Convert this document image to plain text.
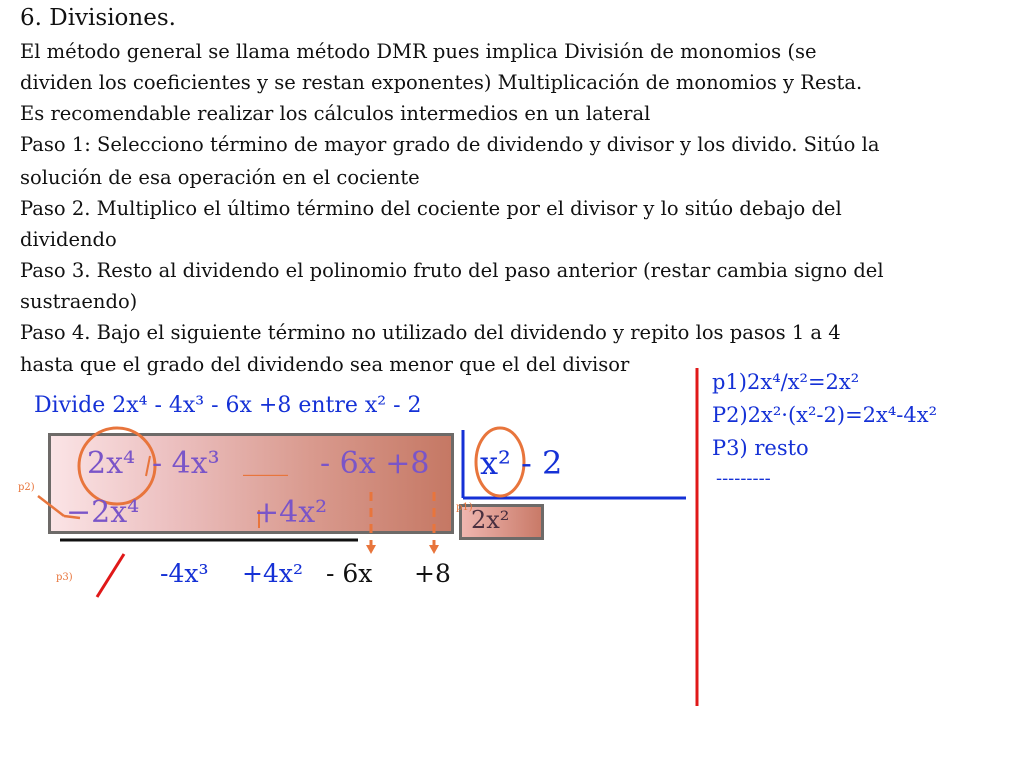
6. Divisiones.
El método general se llama método DMR pues implica División de monomios (se
dividen los coeficientes y se restan exponentes) Multiplicación de monomios y Resta.
Es recomendable realizar los cálculos intermedios en un lateral
Paso 1: Selecciono término de mayor grado de dividendo y divisor y los divido. Sitúo la
solución de esa operación en el cociente
Paso 2. Multiplico el último término del cociente por el divisor y lo sitúo debajo del
dividendo
Paso 3. Resto al dividendo el polinomio fruto del paso anterior (restar cambia signo del
sustraendo)
Paso 4. Bajo el siguiente término no utilizado del dividendo y repito los pasos 1 a 4
hasta que el grado del dividendo sea menor que el del divisor
Divide 2x⁴ - 4x³ - 6x +8 entre x² - 2
2x⁴ - 4x³ ___ - 6x +8 x² - 2
2x²
−2x⁴	+4x²
-4x³ +4x² - 6x +8
p1)
p2)
p3)
p1)2x⁴/x²=2x²
P2)2x²·(x²-2)=2x⁴-4x²
P3) resto
---------
